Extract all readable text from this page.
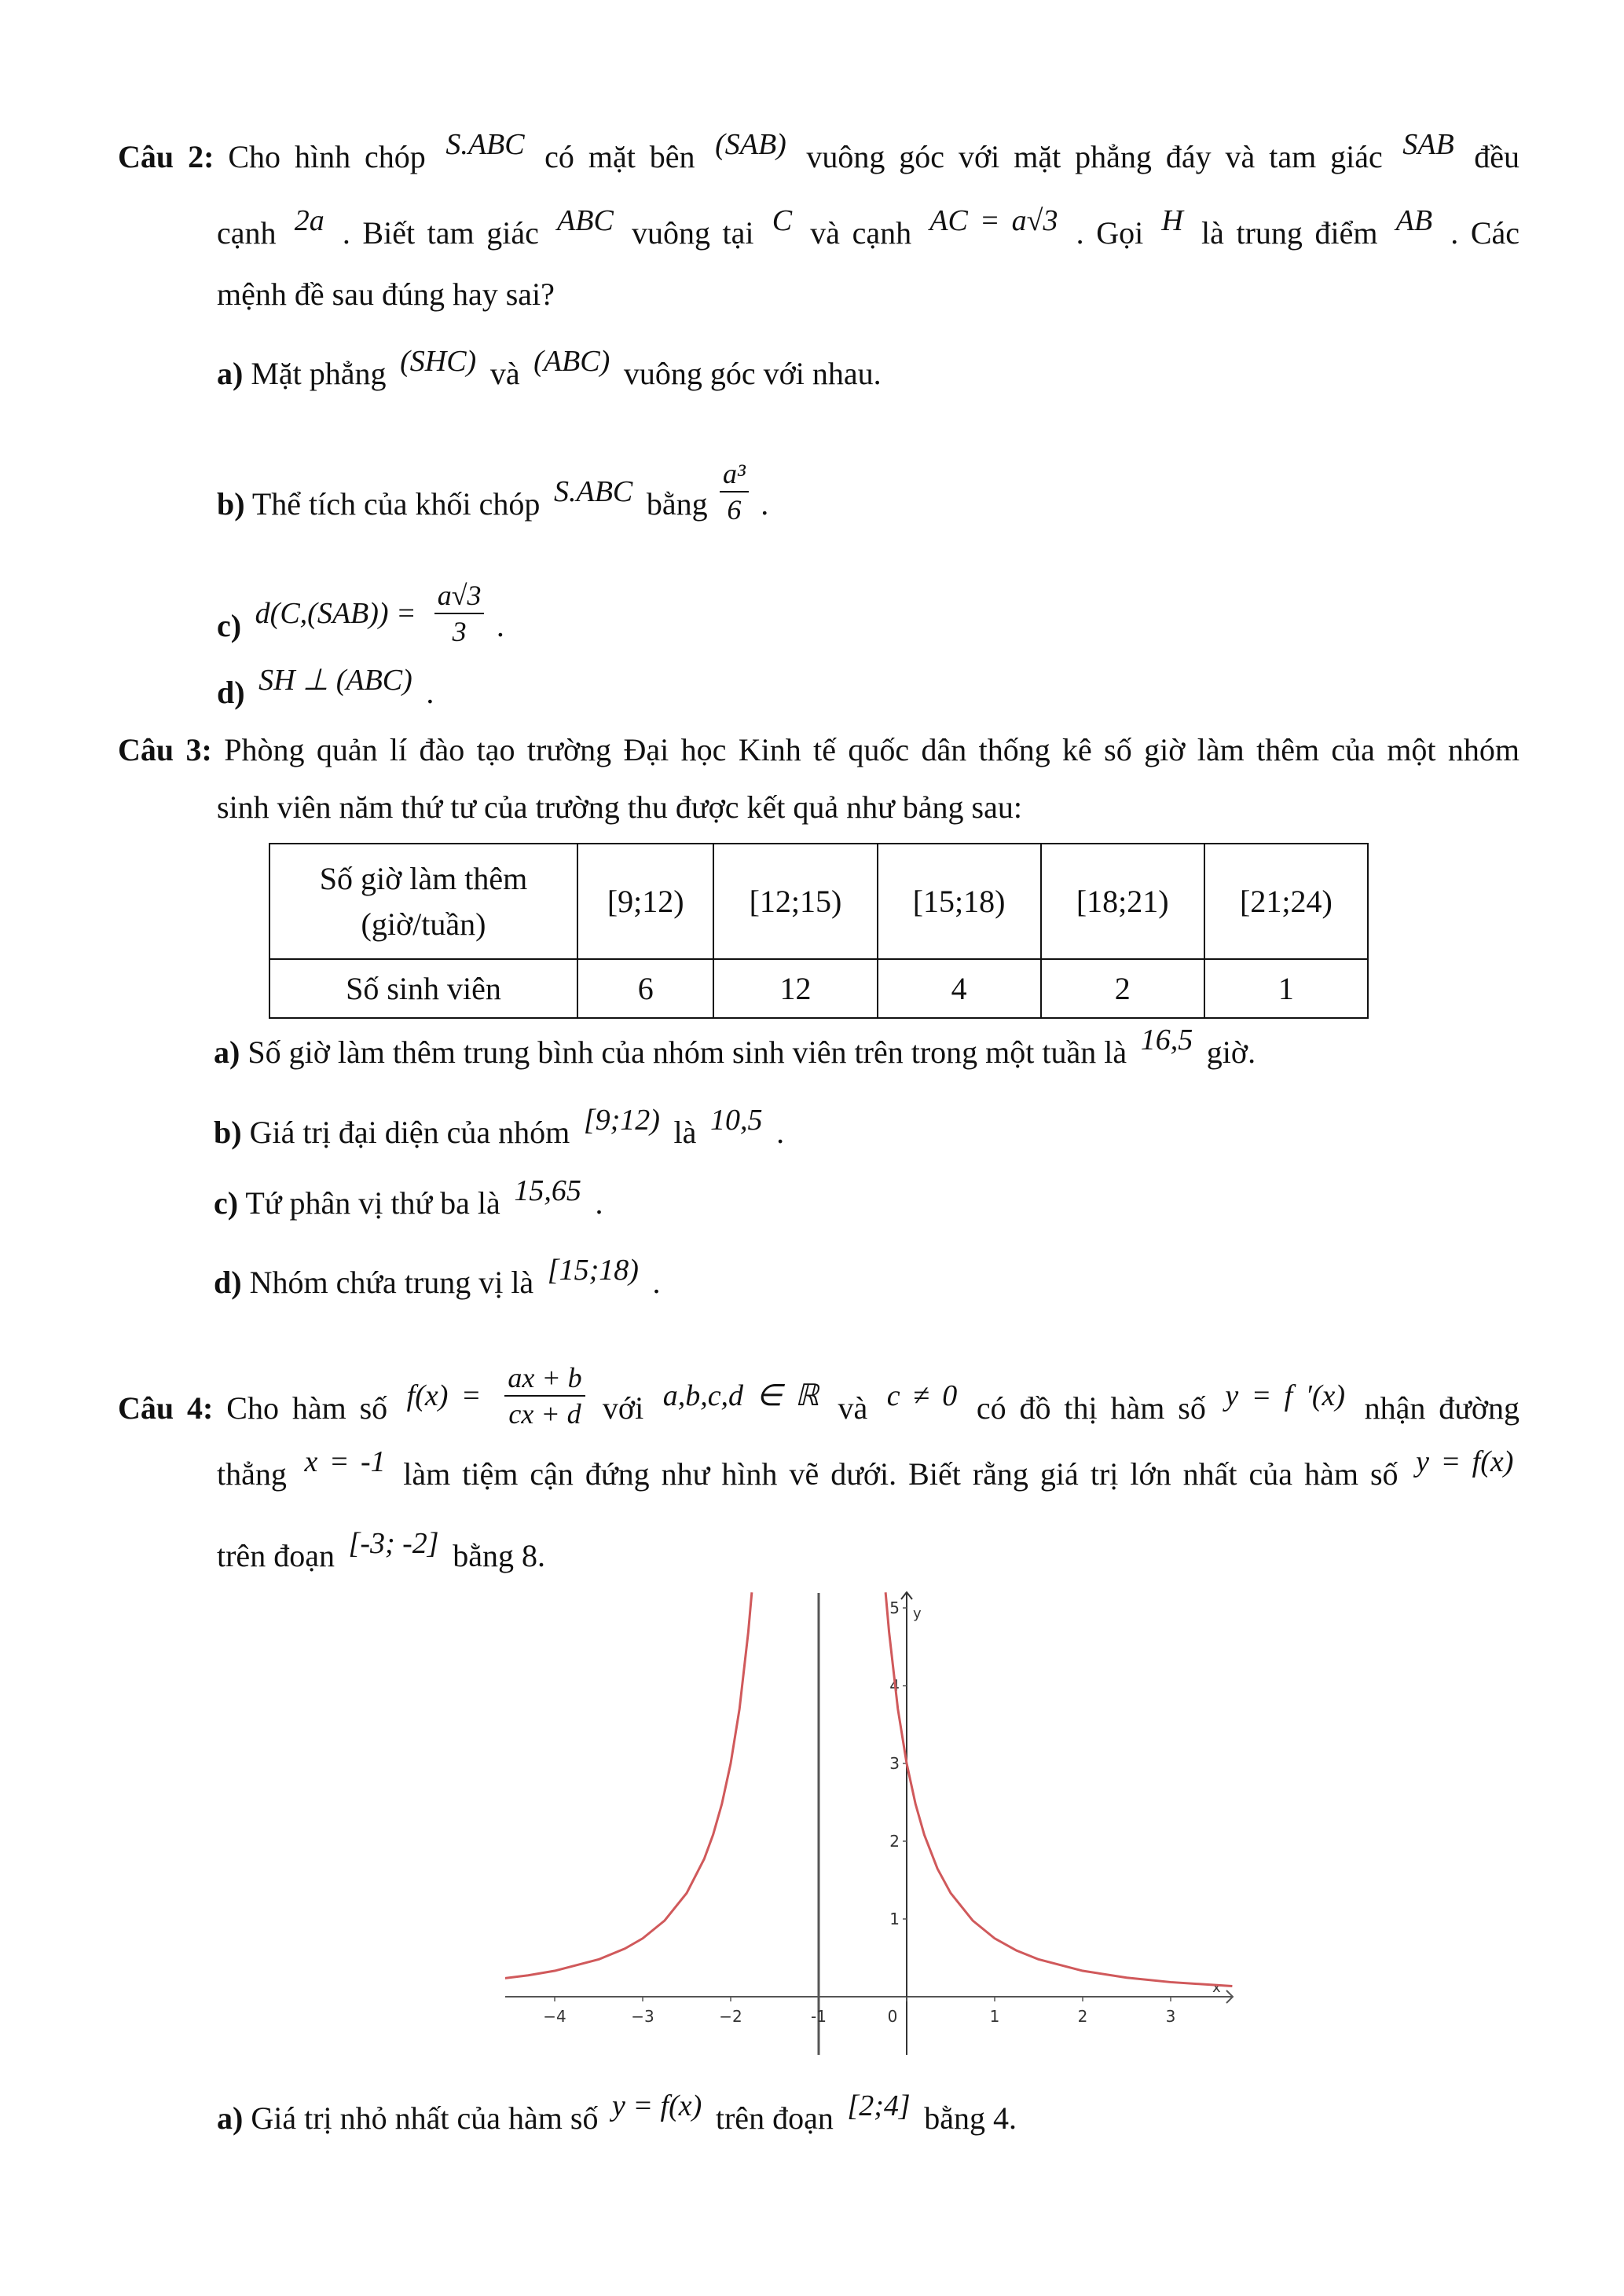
Câu 2: Cho hình chóp S.ABC có mặt bên (SAB) vuông góc với mặt phẳng đáy và tam giác SAB đều
cạnh 2a . Biết tam giác ABC vuông tại C và cạnh AC = a√3 . Gọi H là trung điểm AB . Các
mệnh đề sau đúng hay sai?
a) Mặt phẳng (SHC) và (ABC) vuông góc với nhau.
b) Thể tích của khối chóp S.ABC bằng $\frac{\text{a³}}{6}$ .
c) $d(C,(SAB)) = \frac{a√3}{3}$ .
d) SH ⊥ (ABC) .
Câu 3: Phòng quản lí đào tạo trường Đại học Kinh tế quốc dân thống kê số giờ làm thêm của một nhóm
sinh viên năm thứ tư của trường thu được kết quả như bảng sau:
a) Số giờ làm thêm trung bình của nhóm sinh viên trên trong một tuần là 16,5 giờ.
b) Giá trị đại diện của nhóm [9;12) là 10,5 .
c) Tứ phân vị thứ ba là 15,65 .
d) Nhóm chứa trung vị là [15;18) .
Câu 4: Cho hàm số $f(x) = \frac{ax + b}{cx + d}$ với a,b,c,d ∈ ℝ và c ≠ 0 có đồ thị hàm số y = f ′(x) nhận đường
thẳng x = -1 làm tiệm cận đứng như hình vẽ dưới. Biết rằng giá trị lớn nhất của hàm số y = f(x)
trên đoạn [-3; -2] bằng 8.
a) Giá trị nhỏ nhất của hàm số y = f(x) trên đoạn [2;4] bằng 4.
Số giờ làm thêm
(giờ/tuần)	[9;12)	[12;15)	[15;18)	[18;21)	[21;24)
Số sinh viên	6	12	4	2	1
y
x
−4	−3	−2	-1	0	1	2	3
1
2
3
4
5
